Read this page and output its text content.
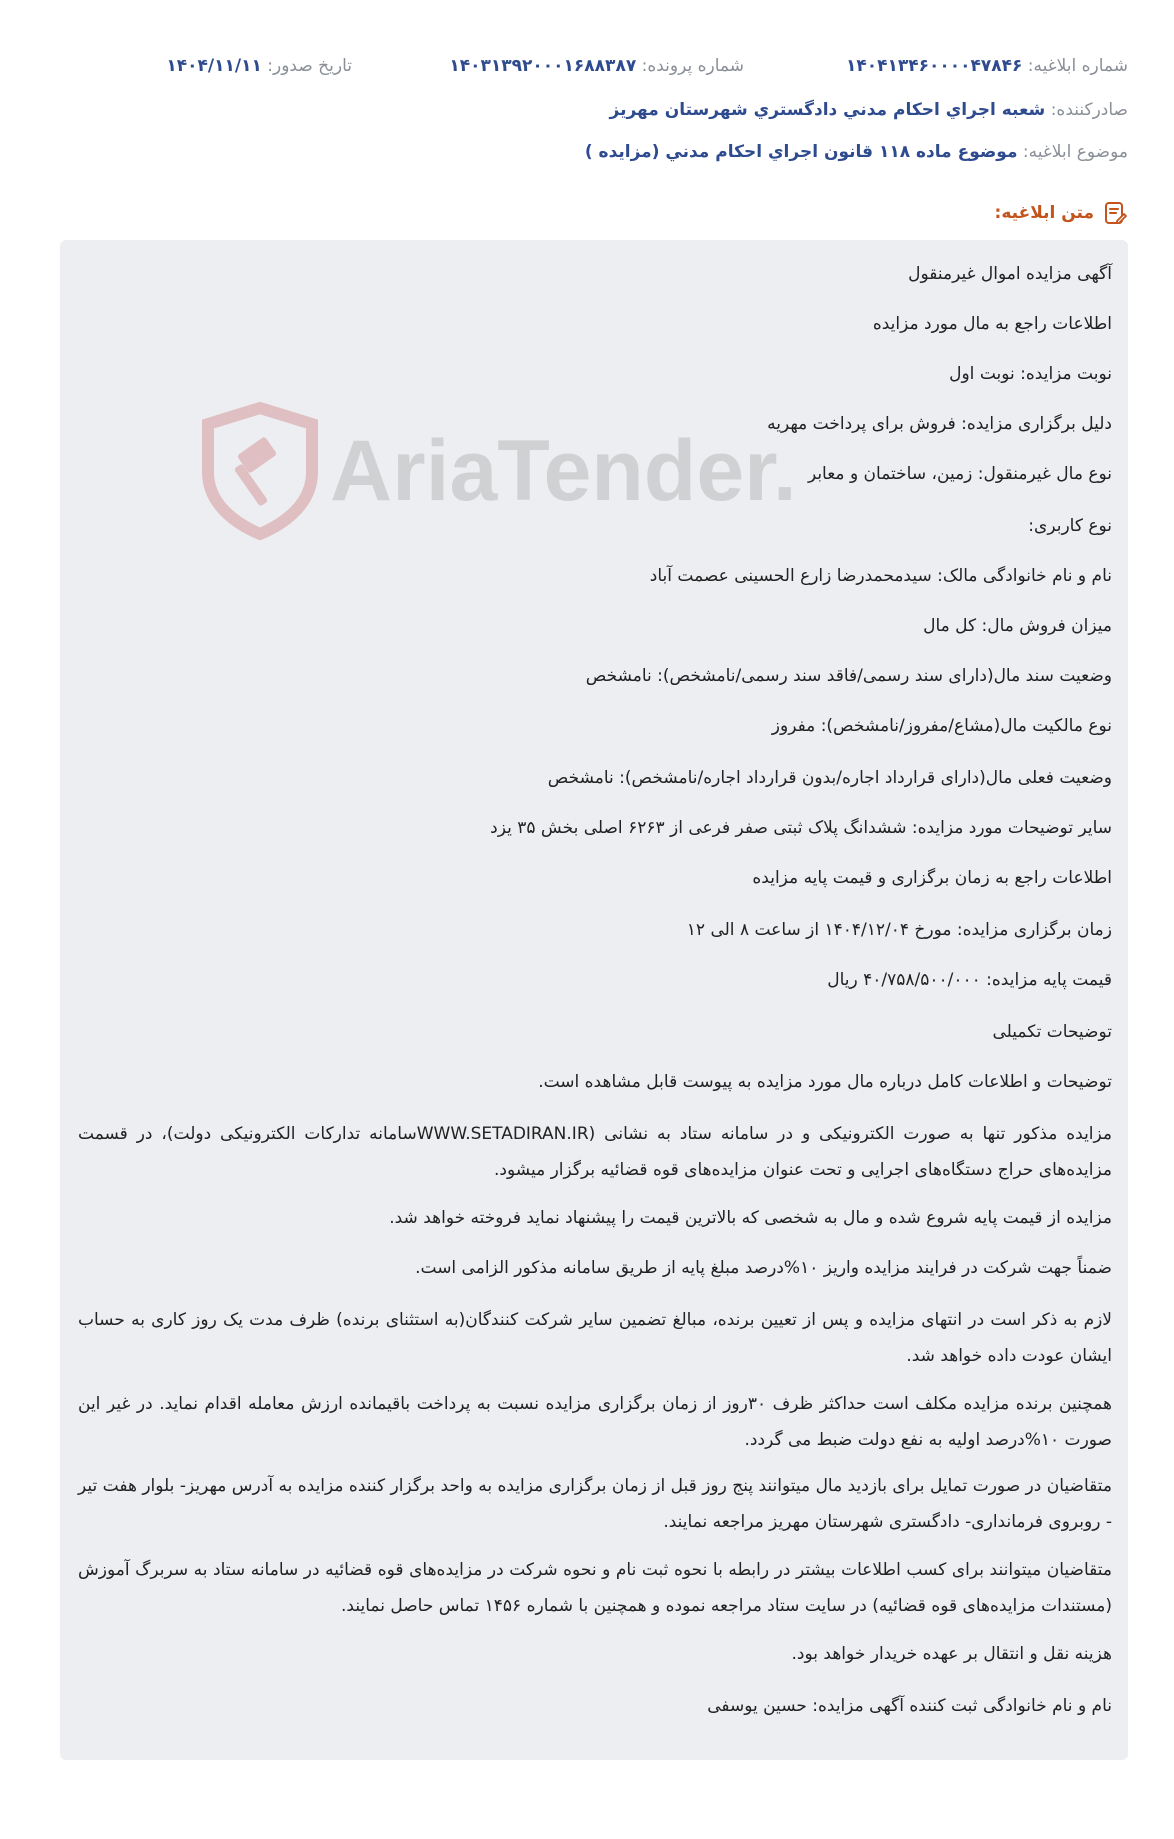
شماره ابلاغیه: ۱۴۰۴۱۳۴۶۰۰۰۰۴۷۸۴۶
شماره پرونده: ۱۴۰۳۱۳۹۲۰۰۰۱۶۸۸۳۸۷
تاریخ صدور: ۱۴۰۴/۱۱/۱۱
صادرکننده: شعبه اجراي احکام مدني دادگستري شهرستان مهريز
موضوع ابلاغیه: موضوع ماده ۱۱۸ قانون اجراي احكام مدني (مزايده )
متن ابلاغیه:
AriaTender.
آگهی مزایده اموال غیرمنقول
اطلاعات راجع به مال مورد مزایده
نوبت مزایده: نوبت اول
دلیل برگزاری مزایده: فروش برای پرداخت مهریه
نوع مال غیرمنقول: زمین، ساختمان و معابر
نوع کاربری:
نام و نام خانوادگی مالک: سیدمحمدرضا زارع الحسینی عصمت آباد
میزان فروش مال: کل مال
وضعیت سند مال(دارای سند رسمی/فاقد سند رسمی/نامشخص): نامشخص
نوع مالکیت مال(مشاع/مفروز/نامشخص): مفروز
وضعیت فعلی مال(دارای قرارداد اجاره/بدون قرارداد اجاره/نامشخص): نامشخص
سایر توضیحات مورد مزایده: ششدانگ پلاک ثبتی صفر فرعی از ۶۲۶۳ اصلی بخش ۳۵ یزد
اطلاعات راجع به زمان برگزاری و قیمت پایه مزایده
زمان برگزاری مزایده: مورخ ۱۴۰۴/۱۲/۰۴ از ساعت ۸ الی ۱۲
قیمت پایه مزایده: ۴۰/۷۵۸/۵۰۰/۰۰۰ ریال
توضیحات تکمیلی
توضیحات و اطلاعات کامل درباره مال مورد مزایده به پیوست قابل مشاهده است.
مزایده مذکور تنها به صورت الکترونیکی و در سامانه ستاد به نشانی (WWW.SETADIRAN.IRسامانه تدارکات الکترونیکی دولت)، در قسمت مزایده‌های حراج دستگاه‌های اجرایی و تحت عنوان مزایده‌های قوه قضائیه برگزار میشود.
مزایده از قیمت پایه شروع شده و مال به شخصی که بالاترین قیمت را پیشنهاد نماید فروخته خواهد شد.
ضمناً جهت شرکت در فرایند مزایده واریز ۱۰%درصد مبلغ پایه از طریق سامانه مذکور الزامی است.
لازم به ذکر است در انتهای مزایده و پس از تعیین برنده، مبالغ تضمین سایر شرکت کنندگان(به استثنای برنده) ظرف مدت یک روز کاری به حساب ایشان عودت داده خواهد شد.
همچنین برنده مزایده مکلف است حداکثر ظرف ۳۰روز از زمان برگزاری مزایده نسبت به پرداخت باقیمانده ارزش معامله اقدام نماید. در غیر این صورت ۱۰%درصد اولیه به نفع دولت ضبط می گردد.
متقاضیان در صورت تمایل برای بازدید مال میتوانند پنج روز قبل از زمان برگزاری مزایده به واحد برگزار کننده مزایده به آدرس مهریز- بلوار هفت تیر - روبروی فرمانداری- دادگستری شهرستان مهریز مراجعه نمایند.
متقاضیان میتوانند برای کسب اطلاعات بیشتر در رابطه با نحوه ثبت نام و نحوه شرکت در مزایده‌های قوه قضائیه در سامانه ستاد به سربرگ آموزش (مستندات مزایده‌های قوه قضائیه) در سایت ستاد مراجعه نموده و همچنین با شماره ۱۴۵۶ تماس حاصل نمایند.
هزینه نقل و انتقال بر عهده خریدار خواهد بود.
نام و نام خانوادگی ثبت کننده آگهی مزایده: حسین یوسفی
